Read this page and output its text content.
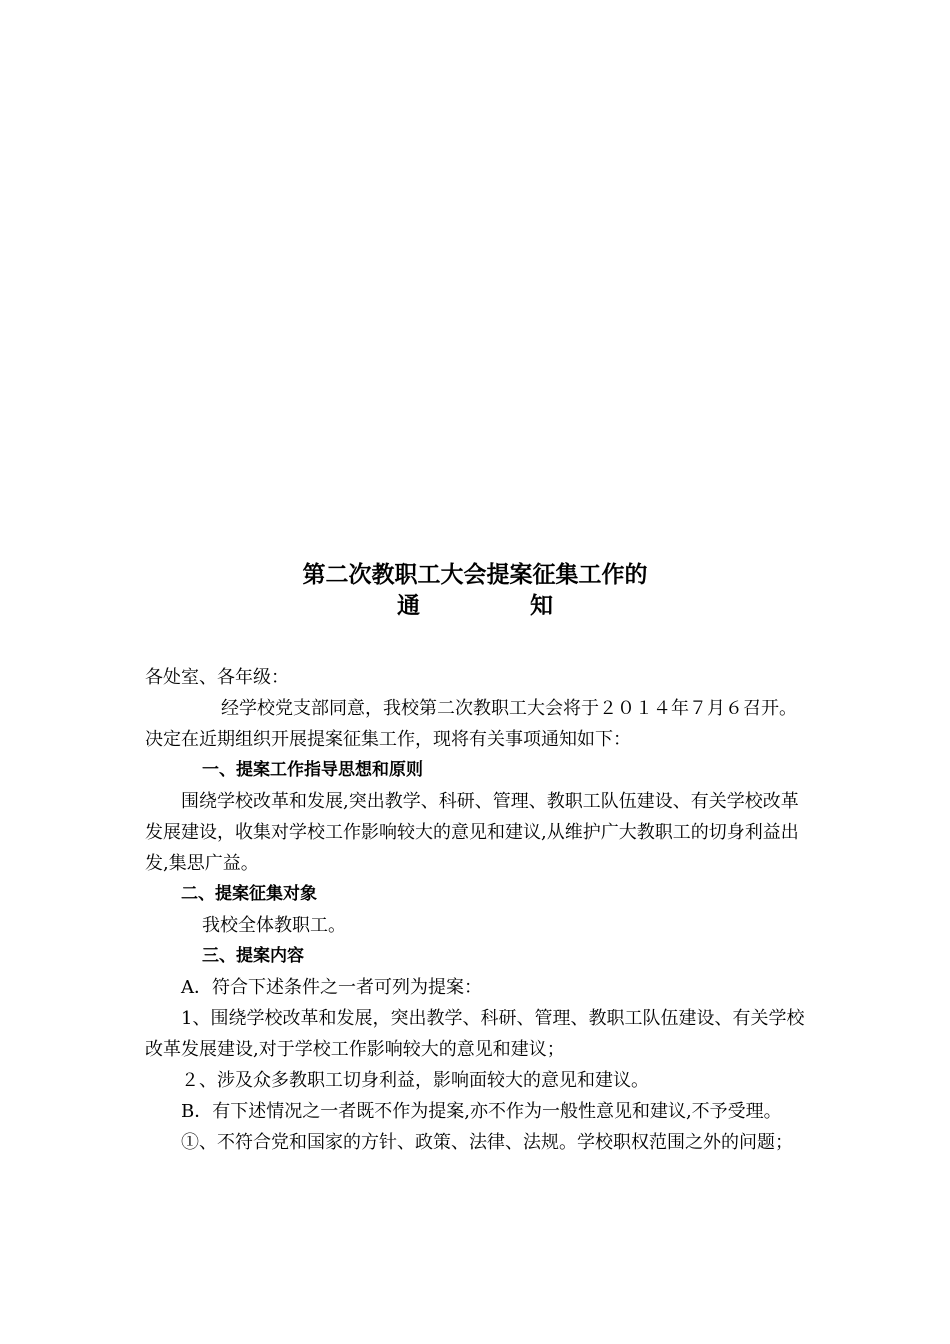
第二次教职工大会提案征集工作的
通	知

各处室、各年级：

经学校党支部同意，我校第二次教职工大会将于２０１４年７月６召开。

决定在近期组织开展提案征集工作，现将有关事项通知如下：

一、提案工作指导思想和原则

围绕学校改革和发展,突出教学、科研、管理、教职工队伍建设、有关学校改革发展建设，收集对学校工作影响较大的意见和建议,从维护广大教职工的切身利益出发,集思广益。

二、提案征集对象

我校全体教职工。

三、提案内容

A．符合下述条件之一者可列为提案：

1、围绕学校改革和发展，突出教学、科研、管理、教职工队伍建设、有关学校改革发展建设,对于学校工作影响较大的意见和建议；

２、涉及众多教职工切身利益，影响面较大的意见和建议。

B．有下述情况之一者既不作为提案,亦不作为一般性意见和建议,不予受理。

①、不符合党和国家的方针、政策、法律、法规。学校职权范围之外的问题；
